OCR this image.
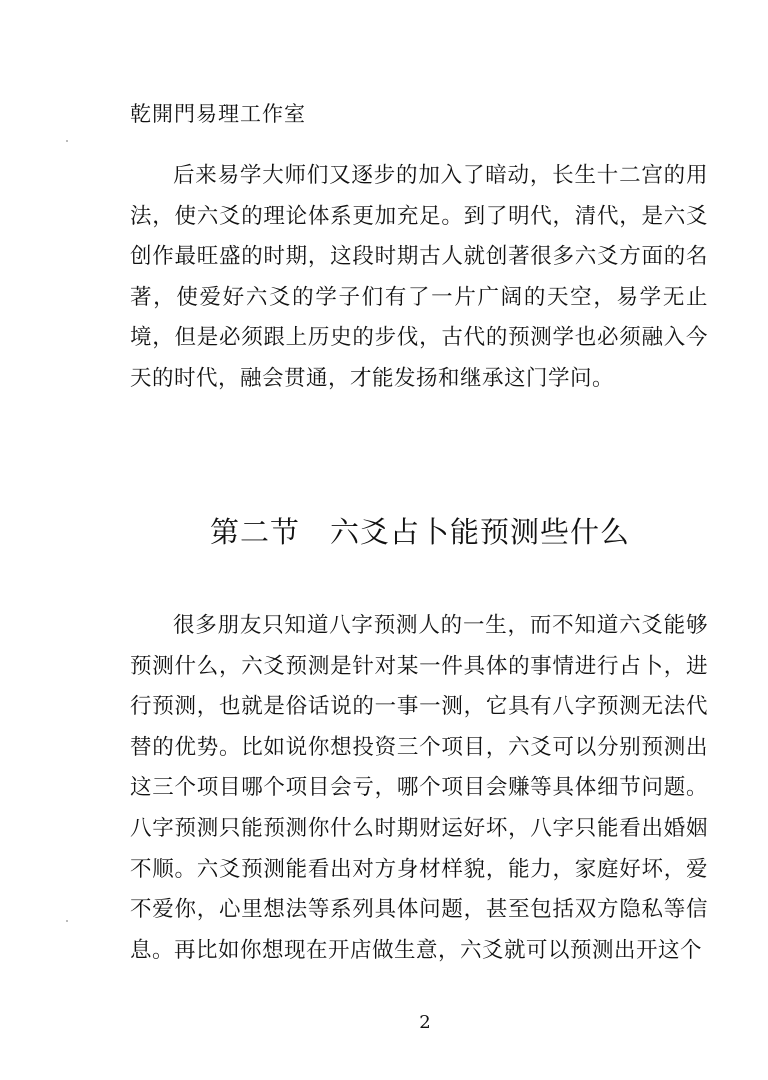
乾開門易理工作室

后来易学大师们又逐步的加入了暗动，长生十二宫的用法，使六爻的理论体系更加充足。到了明代，清代，是六爻创作最旺盛的时期，这段时期古人就创著很多六爻方面的名著，使爱好六爻的学子们有了一片广阔的天空，易学无止境，但是必须跟上历史的步伐，古代的预测学也必须融入今天的时代，融会贯通，才能发扬和继承这门学问。

第二节 六爻占卜能预测些什么

很多朋友只知道八字预测人的一生，而不知道六爻能够预测什么，六爻预测是针对某一件具体的事情进行占卜，进行预测，也就是俗话说的一事一测，它具有八字预测无法代替的优势。比如说你想投资三个项目，六爻可以分别预测出这三个项目哪个项目会亏，哪个项目会赚等具体细节问题。八字预测只能预测你什么时期财运好坏，八字只能看出婚姻不顺。六爻预测能看出对方身材样貌，能力，家庭好坏，爱不爱你，心里想法等系列具体问题，甚至包括双方隐私等信息。再比如你想现在开店做生意，六爻就可以预测出开这个

2
